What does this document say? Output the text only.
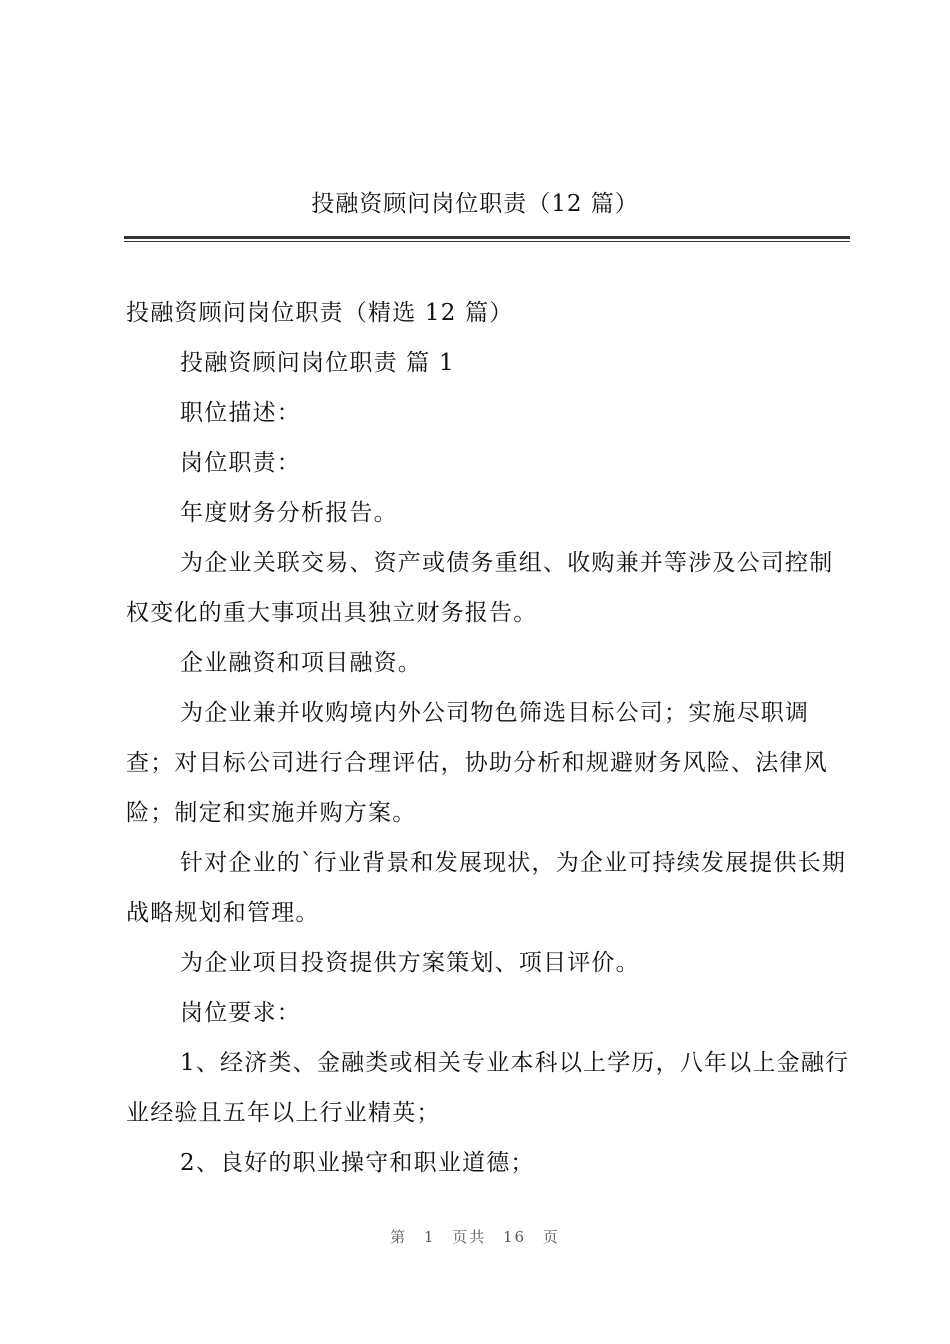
投融资顾问岗位职责（12 篇）

投融资顾问岗位职责（精选 12 篇）

投融资顾问岗位职责 篇 1

职位描述：

岗位职责：

年度财务分析报告。

为企业关联交易、资产或债务重组、收购兼并等涉及公司控制权变化的重大事项出具独立财务报告。

企业融资和项目融资。

为企业兼并收购境内外公司物色筛选目标公司；实施尽职调查；对目标公司进行合理评估，协助分析和规避财务风险、法律风险；制定和实施并购方案。

针对企业的`行业背景和发展现状，为企业可持续发展提供长期战略规划和管理。

为企业项目投资提供方案策划、项目评价。

岗位要求：

1、经济类、金融类或相关专业本科以上学历，八年以上金融行业经验且五年以上行业精英；

2、良好的职业操守和职业道德；

第 1 页共 16 页
